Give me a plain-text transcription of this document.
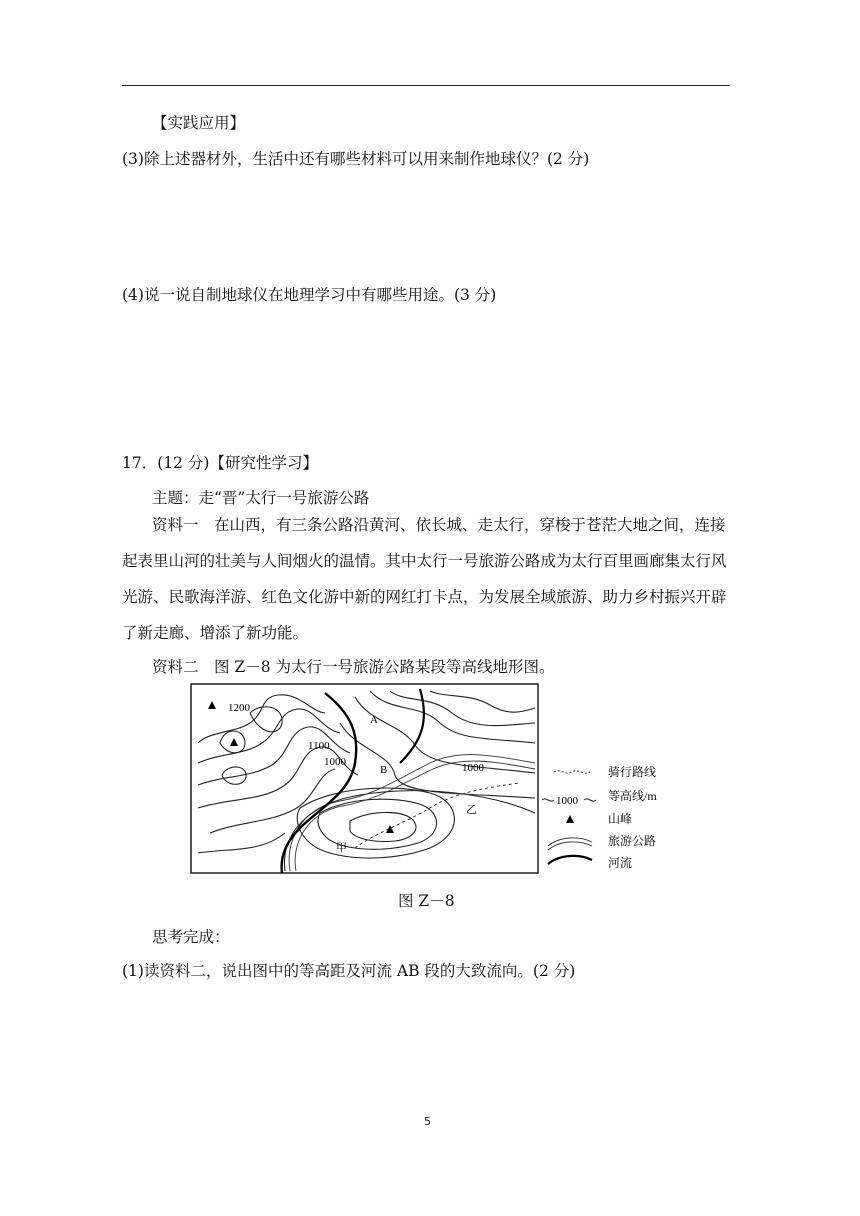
【实践应用】
(3)除上述器材外，生活中还有哪些材料可以用来制作地球仪？(2 分)
(4)说一说自制地球仪在地理学习中有哪些用途。(3 分)
17．(12 分)【研究性学习】
主题：走“晋”太行一号旅游公路
资料一　在山西，有三条公路沿黄河、依长城、走太行，穿梭于苍茫大地之间，连接起表里山河的壮美与人间烟火的温情。其中太行一号旅游公路成为太行百里画廊集太行风光游、民歌海洋游、红色文化游中新的网红打卡点，为发展全域旅游、助力乡村振兴开辟了新走廊、增添了新功能。
资料二　图 Z－8 为太行一号旅游公路某段等高线地形图。
1200
1100
1000	1000
A
B
甲
乙
骑行路线
1000	等高线/m
山峰
旅游公路
河流
图 Z－8
思考完成：
(1)读资料二，说出图中的等高距及河流 AB 段的大致流向。(2 分)
5
